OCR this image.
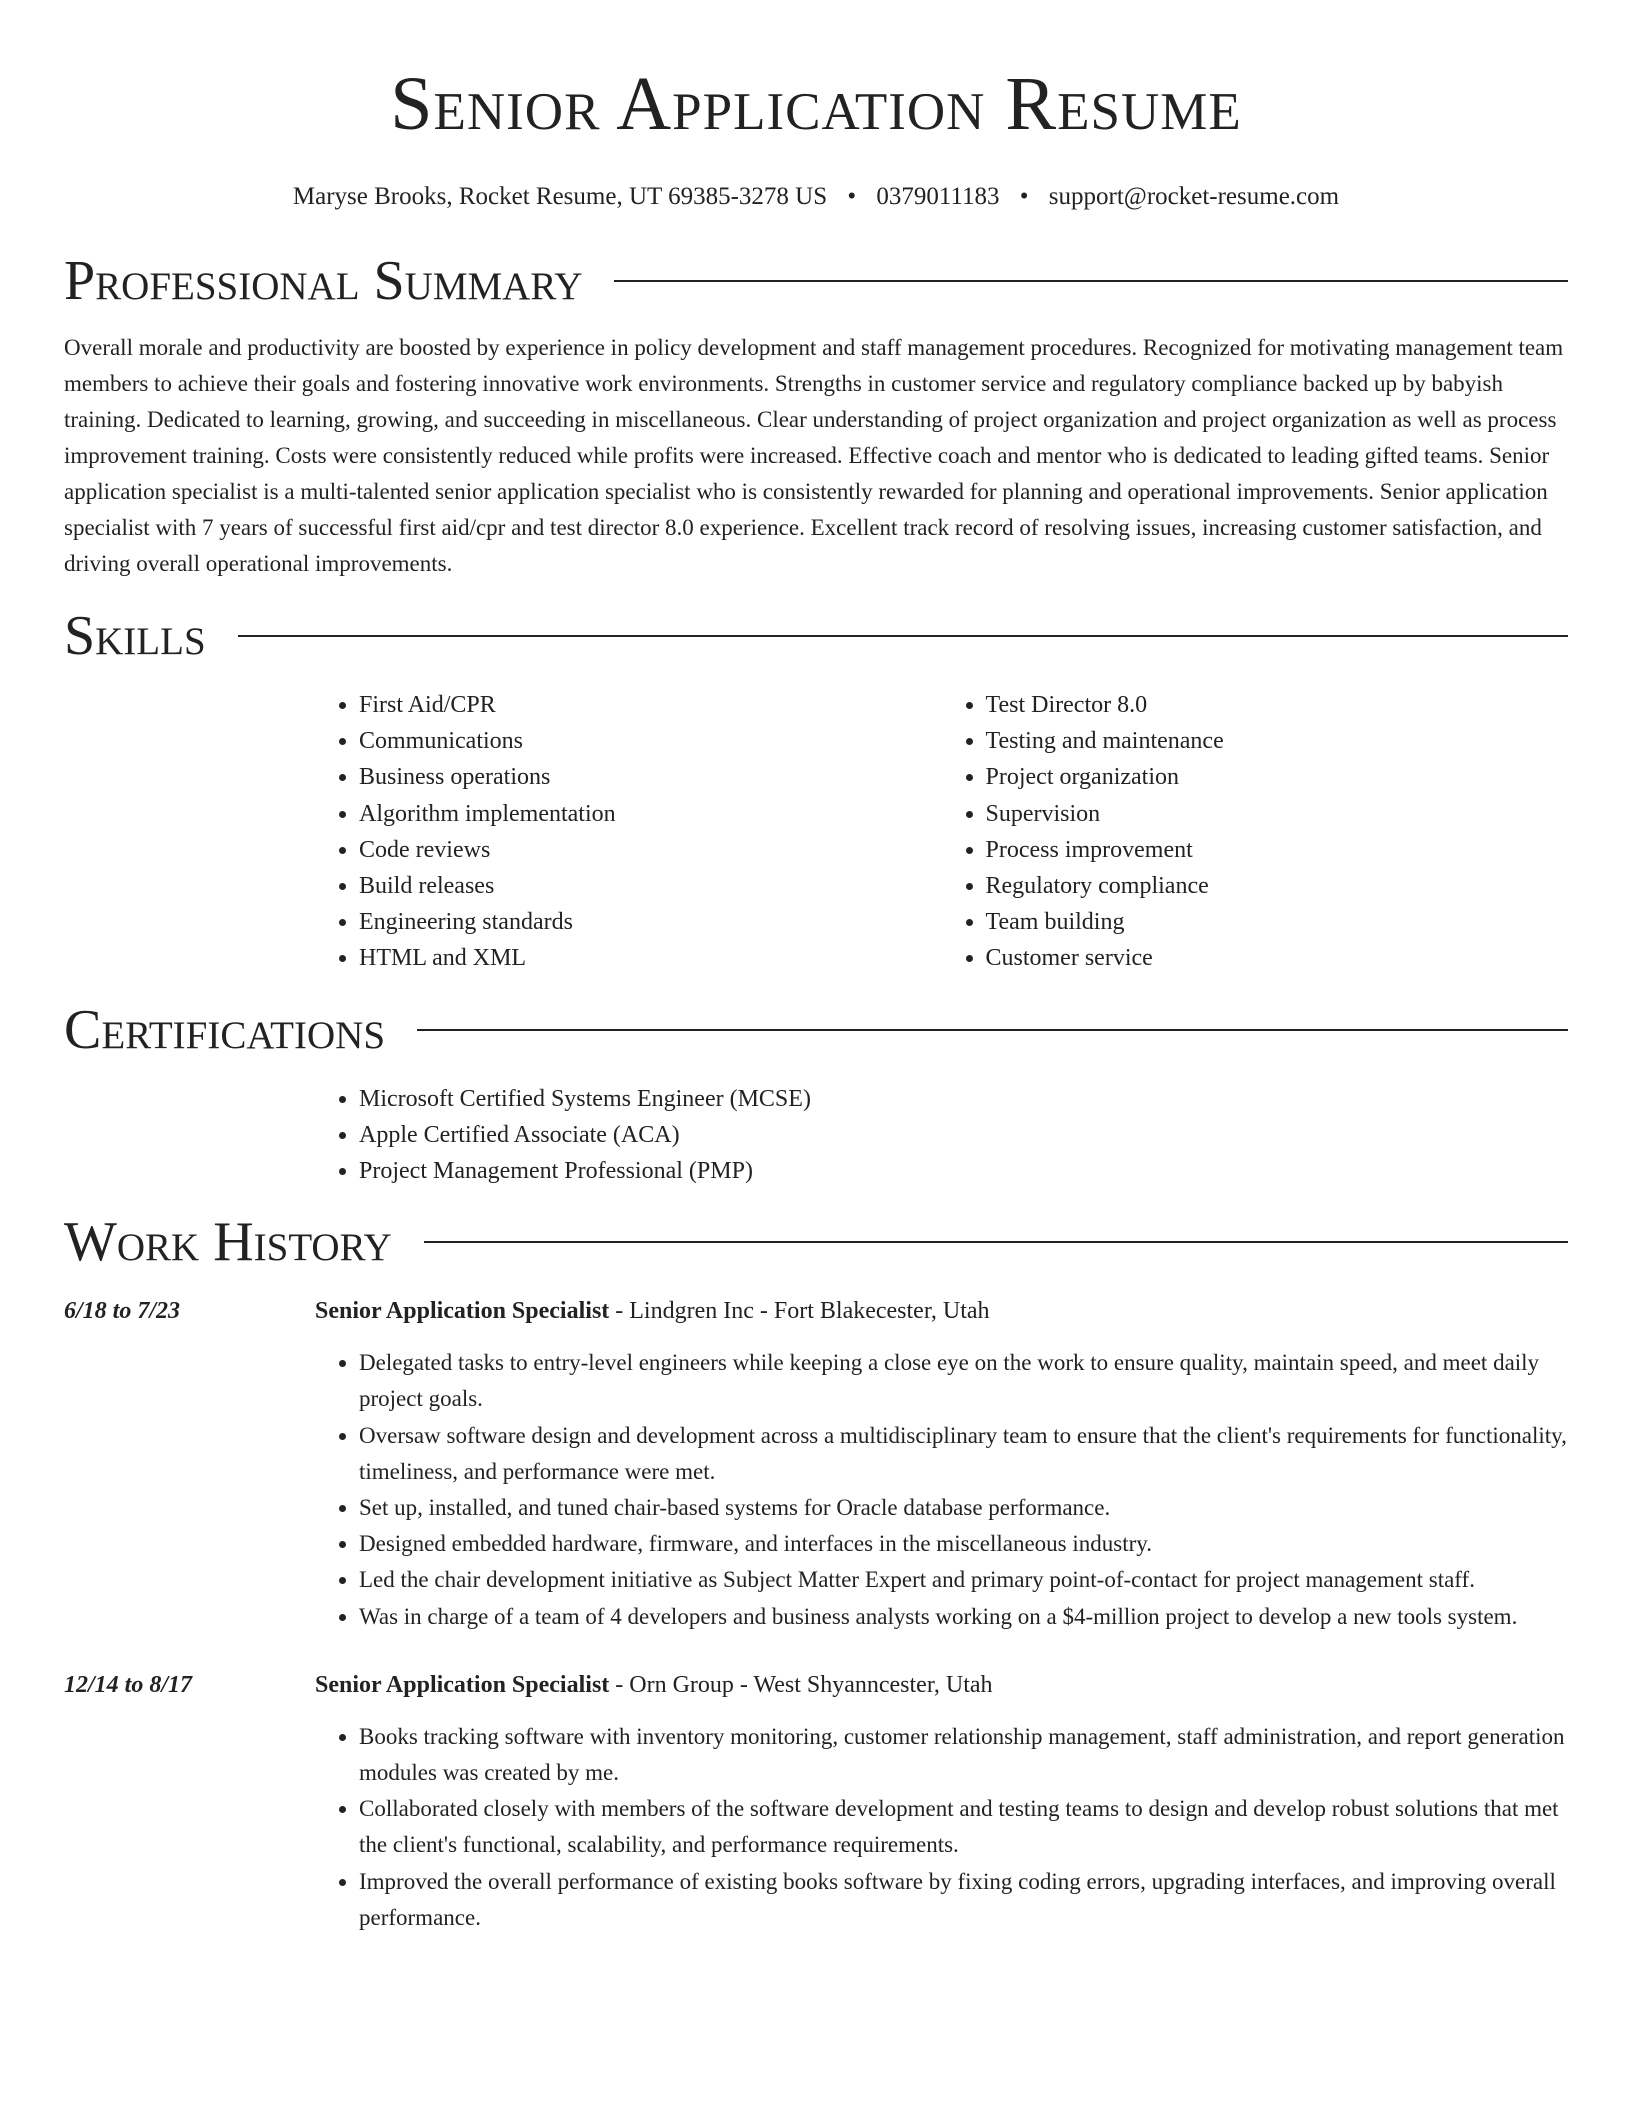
Senior Application Resume
Maryse Brooks, Rocket Resume, UT 69385-3278 US • 0379011183 • support@rocket-resume.com
Professional Summary

Overall morale and productivity are boosted by experience in policy development and staff management procedures. Recognized for motivating management team members to achieve their goals and fostering innovative work environments. Strengths in customer service and regulatory compliance backed up by babyish training. Dedicated to learning, growing, and succeeding in miscellaneous. Clear understanding of project organization and project organization as well as process improvement training. Costs were consistently reduced while profits were increased. Effective coach and mentor who is dedicated to leading gifted teams. Senior application specialist is a multi-talented senior application specialist who is consistently rewarded for planning and operational improvements. Senior application specialist with 7 years of successful first aid/cpr and test director 8.0 experience. Excellent track record of resolving issues, increasing customer satisfaction, and driving overall operational improvements.

Skills
• First Aid/CPR
• Communications
• Business operations
• Algorithm implementation
• Code reviews
• Build releases
• Engineering standards
• HTML and XML
• Test Director 8.0
• Testing and maintenance
• Project organization
• Supervision
• Process improvement
• Regulatory compliance
• Team building
• Customer service
Certifications
• Microsoft Certified Systems Engineer (MCSE)
• Apple Certified Associate (ACA)
• Project Management Professional (PMP)
Work History
6/18 to 7/23	Senior Application Specialist - Lindgren Inc - Fort Blakecester, Utah
• Delegated tasks to entry-level engineers while keeping a close eye on the work to ensure quality, maintain speed, and meet daily project goals.
• Oversaw software design and development across a multidisciplinary team to ensure that the client's requirements for functionality, timeliness, and performance were met.
• Set up, installed, and tuned chair-based systems for Oracle database performance.
• Designed embedded hardware, firmware, and interfaces in the miscellaneous industry.
• Led the chair development initiative as Subject Matter Expert and primary point-of-contact for project management staff.
• Was in charge of a team of 4 developers and business analysts working on a $4-million project to develop a new tools system.
12/14 to 8/17	Senior Application Specialist - Orn Group - West Shyanncester, Utah
• Books tracking software with inventory monitoring, customer relationship management, staff administration, and report generation modules was created by me.
• Collaborated closely with members of the software development and testing teams to design and develop robust solutions that met the client's functional, scalability, and performance requirements.
• Improved the overall performance of existing books software by fixing coding errors, upgrading interfaces, and improving overall performance.
